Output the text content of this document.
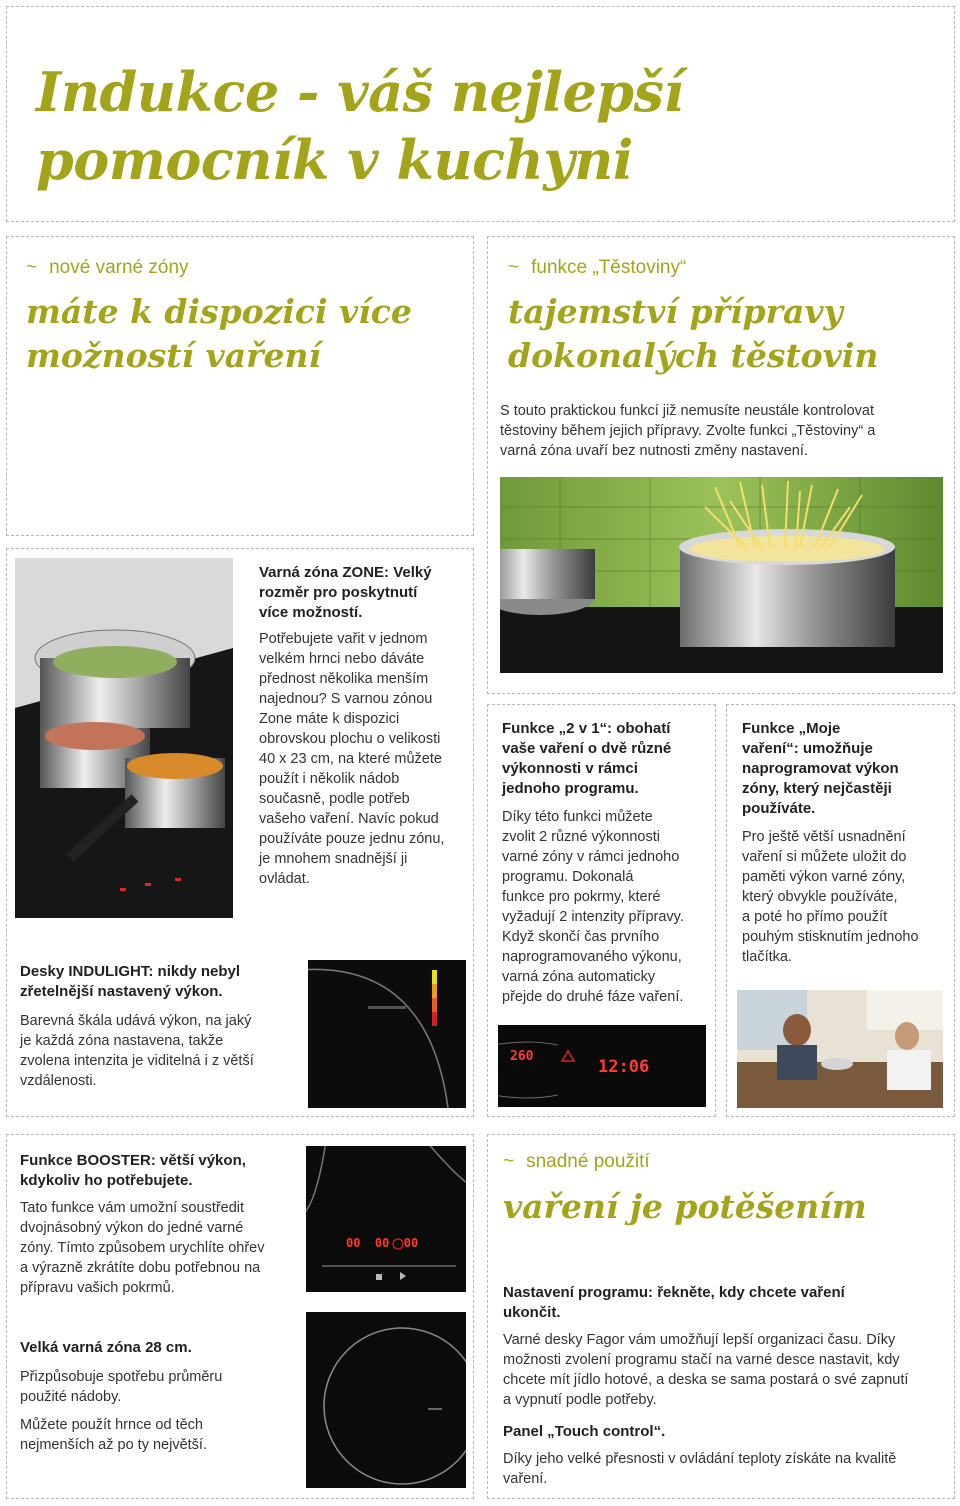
Indukce - váš nejlepší
pomocník v kuchyni
~ nové varné zóny
máte k dispozici více
možností vaření
~ funkce „Těstoviny“
tajemství přípravy
dokonalých těstovin
S touto praktickou funkcí již nemusíte neustále kontrolovat
těstoviny během jejich přípravy. Zvolte funkci „Těstoviny“ a
varná zóna uvaří bez nutnosti změny nastavení.
Varná zóna ZONE: Velký
rozměr pro poskytnutí
více možností.
Potřebujete vařit v jednom
velkém hrnci nebo dáváte
přednost několika menším
najednou? S varnou zónou
Zone máte k dispozici
obrovskou plochu o velikosti
40 x 23 cm, na které můžete
použít i několik nádob
současně, podle potřeb
vašeho vaření. Navíc pokud
používáte pouze jednu zónu,
je mnohem snadnější ji
ovládat.
Desky INDULIGHT: nikdy nebyl
zřetelnější nastavený výkon.
Barevná škála udává výkon, na jaký
je každá zóna nastavena, takže
zvolena intenzita je viditelná i z větší
vzdálenosti.
Funkce „2 v 1“: obohatí
vaše vaření o dvě různé
výkonnosti v rámci
jednoho programu.
Díky této funkci můžete
zvolit 2 různé výkonnosti
varné zóny v rámci jednoho
programu. Dokonalá
funkce pro pokrmy, které
vyžadují 2 intenzity přípravy.
Když skončí čas prvního
naprogramovaného výkonu,
varná zóna automaticky
přejde do druhé fáze vaření.
260
12:06
Funkce „Moje
vaření“: umožňuje
naprogramovat výkon
zóny, který nejčastěji
používáte.
Pro ještě větší usnadnění
vaření si můžete uložit do
paměti výkon varné zóny,
který obvykle používáte,
a poté ho přímo použít
pouhým stisknutím jednoho
tlačítka.
Funkce BOOSTER: větší výkon,
kdykoliv ho potřebujete.
Tato funkce vám umožní soustředit
dvojnásobný výkon do jedné varné
zóny. Tímto způsobem urychlíte ohřev
a výrazně zkrátíte dobu potřebnou na
přípravu vašich pokrmů.
00  00  00
Velká varná zóna 28 cm.
Přizpůsobuje spotřebu průměru
použité nádoby.
Můžete použít hrnce od těch
nejmenších až po ty největší.
~ snadné použití
vaření je potěšením
Nastavení programu: řekněte, kdy chcete vaření
ukončit.
Varné desky Fagor vám umožňují lepší organizaci času. Díky
možnosti zvolení programu stačí na varné desce nastavit, kdy
chcete mít jídlo hotové, a deska se sama postará o své zapnutí
a vypnutí podle potřeby.
Panel „Touch control“.
Díky jeho velké přesnosti v ovládání teploty získáte na kvalitě
vaření.
